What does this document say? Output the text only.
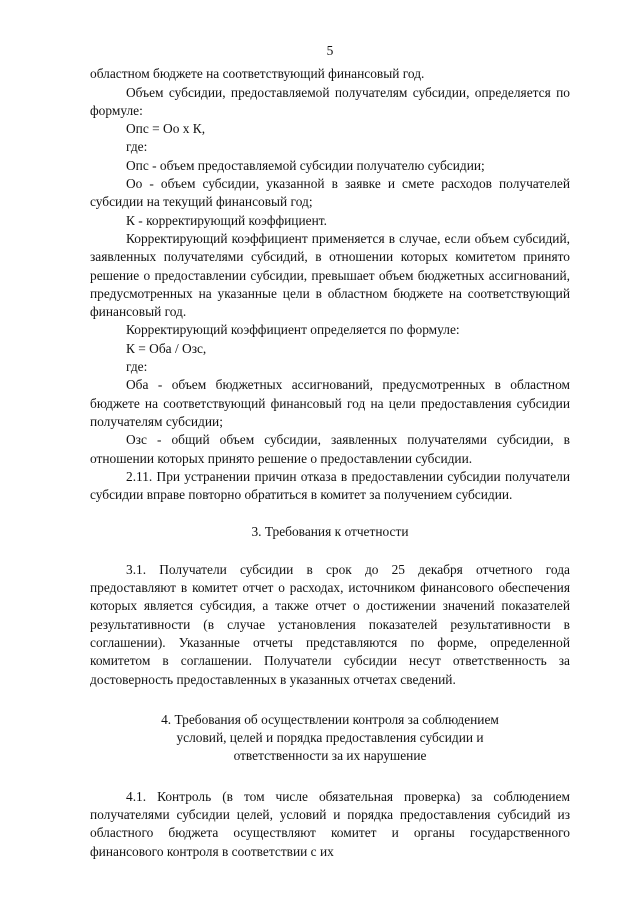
5

областном бюджете на соответствующий финансовый год.

Объем субсидии, предоставляемой получателям субсидии, определяется по формуле:

Опс = Оо х К,

где:

Опс - объем предоставляемой субсидии получателю субсидии;

Оо - объем субсидии, указанной в заявке и смете расходов получателей субсидии на текущий финансовый год;

К - корректирующий коэффициент.

Корректирующий коэффициент применяется в случае, если объем субсидий, заявленных получателями субсидий, в отношении которых комитетом принято решение о предоставлении субсидии, превышает объем бюджетных ассигнований, предусмотренных на указанные цели в областном бюджете на соответствующий финансовый год.

Корректирующий коэффициент определяется по формуле:

К = Оба / Озс,

где:

Оба - объем бюджетных ассигнований, предусмотренных в областном бюджете на соответствующий финансовый год на цели предоставления субсидии получателям субсидии;

Озс - общий объем субсидии, заявленных получателями субсидии, в отношении которых принято решение о предоставлении субсидии.

2.11. При устранении причин отказа в предоставлении субсидии получатели субсидии вправе повторно обратиться в комитет за получением субсидии.

3. Требования к отчетности

3.1. Получатели субсидии в срок до 25 декабря отчетного года предоставляют в комитет отчет о расходах, источником финансового обеспечения которых является субсидия, а также отчет о достижении значений показателей результативности (в случае установления показателей результативности в соглашении). Указанные отчеты представляются по форме, определенной комитетом в соглашении. Получатели субсидии несут ответственность за достоверность предоставленных в указанных отчетах сведений.

4. Требования об осуществлении контроля за соблюдением
условий, целей и порядка предоставления субсидии и
ответственности за их нарушение

4.1. Контроль (в том числе обязательная проверка) за соблюдением получателями субсидии целей, условий и порядка предоставления субсидий из областного бюджета осуществляют комитет и органы государственного финансового контроля в соответствии с их
